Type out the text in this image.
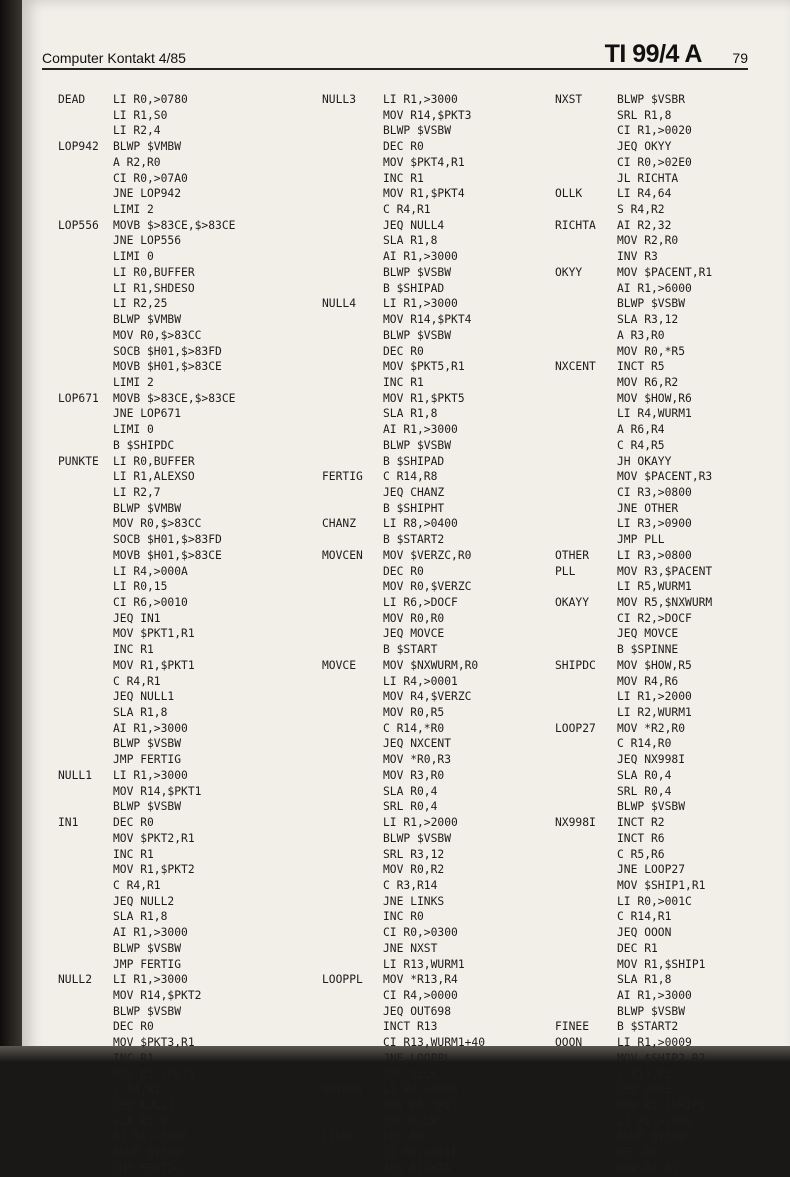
Computer Kontakt 4/85	TI 99/4 A 79
DEAD LI R0,>0780
LI R1,S0
LI R2,4
LOP942 BLWP $VMBW
A R2,R0
CI R0,>07A0
JNE LOP942
LIMI 2
LOP556 MOVB $>83CE,$>83CE
JNE LOP556
LIMI 0
LI R0,BUFFER
LI R1,SHDESO
LI R2,25
BLWP $VMBW
MOV R0,$>83CC
SOCB $H01,$>83FD
MOVB $H01,$>83CE
LIMI 2
LOP671 MOVB $>83CE,$>83CE
JNE LOP671
LIMI 0
B $SHIPDC
PUNKTE LI R0,BUFFER
LI R1,ALEXSO
LI R2,7
BLWP $VMBW
MOV R0,$>83CC
SOCB $H01,$>83FD
MOVB $H01,$>83CE
LI R4,>000A
LI R0,15
CI R6,>0010
JEQ IN1
MOV $PKT1,R1
INC R1
MOV R1,$PKT1
C R4,R1
JEQ NULL1
SLA R1,8
AI R1,>3000
BLWP $VSBW
JMP FERTIG
NULL1 LI R1,>3000
MOV R14,$PKT1
BLWP $VSBW
IN1	DEC R0
MOV $PKT2,R1
INC R1
MOV R1,$PKT2
C R4,R1
JEQ NULL2
SLA R1,8
AI R1,>3000
BLWP $VSBW
JMP FERTIG
NULL2 LI R1,>3000
MOV R14,$PKT2
BLWP $VSBW
DEC R0
MOV $PKT3,R1
INC R1
MOV R1,$PKT3
C R4,R1
JEQ NULL3
SLA R1,8
AI R1,>3000
BLWP $VSBW
JMP FERTIG
NULL3 LI R1,>3000
MOV R14,$PKT3
BLWP $VSBW
DEC R0
MOV $PKT4,R1
INC R1
MOV R1,$PKT4
C R4,R1
JEQ NULL4
SLA R1,8
AI R1,>3000
BLWP $VSBW
B $SHIPAD
NULL4 LI R1,>3000
MOV R14,$PKT4
BLWP $VSBW
DEC R0
MOV $PKT5,R1
INC R1
MOV R1,$PKT5
SLA R1,8
AI R1,>3000
BLWP $VSBW
B $SHIPAD
FERTIG C R14,R8
JEQ CHANZ
B $SHIPHT
CHANZ LI R8,>0400
B $START2
MOVCEN MOV $VERZC,R0
DEC R0
MOV R0,$VERZC
LI R6,>DOCF
MOV R0,R0
JEQ MOVCE
B $START
MOVCE MOV $NXWURM,R0
LI R4,>0001
MOV R4,$VERZC
MOV R0,R5
C R14,*R0
JEQ NXCENT
MOV *R0,R3
MOV R3,R0
SLA R0,4
SRL R0,4
LI R1,>2000
BLWP $VSBW
SRL R3,12
MOV R0,R2
C R3,R14
JNE LINKS
INC R0
CI R0,>0300
JNE NXST
LI R13,WURM1
LOOPPL MOV *R13,R4
CI R4,>0000
JEQ OUT698
INCT R13
CI R13,WURM1+40
JNE LOOPPL
JMP OLLK
OUT698 LI R4,>0240
MOV R4,*R13
JMP OLLK
LINKS DEC R0
CI R0,>001F
JEQ RICHTA
NXST	BLWP $VSBR
SRL R1,8
CI R1,>0020
JEQ OKYY
CI R0,>02E0
JL RICHTA
OLLK	LI R4,64
S R4,R2
RICHTA AI R2,32
MOV R2,R0
INV R3
OKYY	MOV $PACENT,R1
AI R1,>6000
BLWP $VSBW
SLA R3,12
A R3,R0
MOV R0,*R5
NXCENT INCT R5
MOV R6,R2
MOV $HOW,R6
LI R4,WURM1
A R6,R4
C R4,R5
JH OKAYY
MOV $PACENT,R3
CI R3,>0800
JNE OTHER
LI R3,>0900
JMP PLL
OTHER LI R3,>0800
PLL	MOV R3,$PACENT
LI R5,WURM1
OKAYY MOV R5,$NXWURM
CI R2,>DOCF
JEQ MOVCE
B $SPINNE
SHIPDC MOV $HOW,R5
MOV R4,R6
LI R1,>2000
LI R2,WURM1
LOOP27 MOV *R2,R0
C R14,R0
JEQ NX998I
SLA R0,4
SRL R0,4
BLWP $VSBW
NX998I INCT R2
INCT R6
C R5,R6
JNE LOOP27
MOV $SHIP1,R1
LI R0,>001C
C R14,R1
JEQ OOON
DEC R1
MOV R1,$SHIP1
SLA R1,8
AI R1,>3000
BLWP $VSBW
FINEE B $START2
OOON	LI R1,>0009
MOV $SHIP2,R2
C R14,R2
JEQ ENDE
MOV R1,$SHIP1
LI R1,>3900
BLWP $VSBW
DEC R0
MOV R2,R1
